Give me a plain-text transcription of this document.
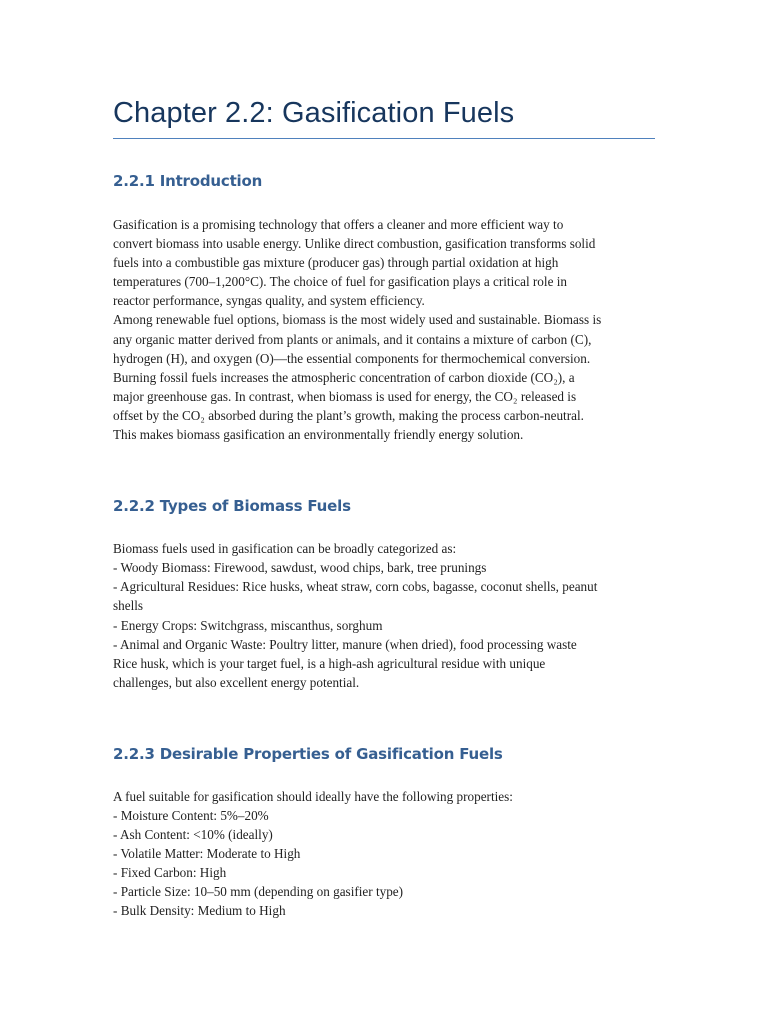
Chapter 2.2: Gasification Fuels
2.2.1 Introduction

Gasification is a promising technology that offers a cleaner and more efficient way to
convert biomass into usable energy. Unlike direct combustion, gasification transforms solid
fuels into a combustible gas mixture (producer gas) through partial oxidation at high
temperatures (700–1,200°C). The choice of fuel for gasification plays a critical role in
reactor performance, syngas quality, and system efficiency.
Among renewable fuel options, biomass is the most widely used and sustainable. Biomass is
any organic matter derived from plants or animals, and it contains a mixture of carbon (C),
hydrogen (H), and oxygen (O)—the essential components for thermochemical conversion.
Burning fossil fuels increases the atmospheric concentration of carbon dioxide (CO₂), a
major greenhouse gas. In contrast, when biomass is used for energy, the CO₂ released is
offset by the CO₂ absorbed during the plant’s growth, making the process carbon-neutral.
This makes biomass gasification an environmentally friendly energy solution.

2.2.2 Types of Biomass Fuels

Biomass fuels used in gasification can be broadly categorized as:
- Woody Biomass: Firewood, sawdust, wood chips, bark, tree prunings
- Agricultural Residues: Rice husks, wheat straw, corn cobs, bagasse, coconut shells, peanut
shells
- Energy Crops: Switchgrass, miscanthus, sorghum
- Animal and Organic Waste: Poultry litter, manure (when dried), food processing waste
Rice husk, which is your target fuel, is a high-ash agricultural residue with unique
challenges, but also excellent energy potential.

2.2.3 Desirable Properties of Gasification Fuels

A fuel suitable for gasification should ideally have the following properties:
- Moisture Content: 5%–20%
- Ash Content: <10% (ideally)
- Volatile Matter: Moderate to High
- Fixed Carbon: High
- Particle Size: 10–50 mm (depending on gasifier type)
- Bulk Density: Medium to High
